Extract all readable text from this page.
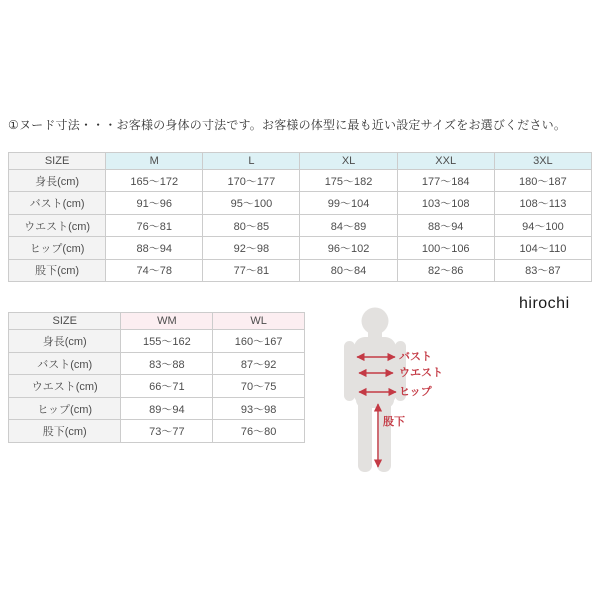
①ヌード寸法・・・お客様の身体の寸法です。お客様の体型に最も近い設定サイズをお選びください。

SIZE	M	L	XL	XXL	3XL
身長(cm)	165〜172	170〜177	175〜182	177〜184	180〜187
バスト(cm)	91〜96	95〜100	99〜104	103〜108	108〜113
ウエスト(cm)	76〜81	80〜85	84〜89	88〜94	94〜100
ヒップ(cm)	88〜94	92〜98	96〜102	100〜106	104〜110
股下(cm)	74〜78	77〜81	80〜84	82〜86	83〜87
SIZE	WM	WL
身長(cm)	155〜162	160〜167
バスト(cm)	83〜88	87〜92
ウエスト(cm)	66〜71	70〜75
ヒップ(cm)	89〜94	93〜98
股下(cm)	73〜77	76〜80
バスト
ウエスト
ヒップ
股下
hirochi
